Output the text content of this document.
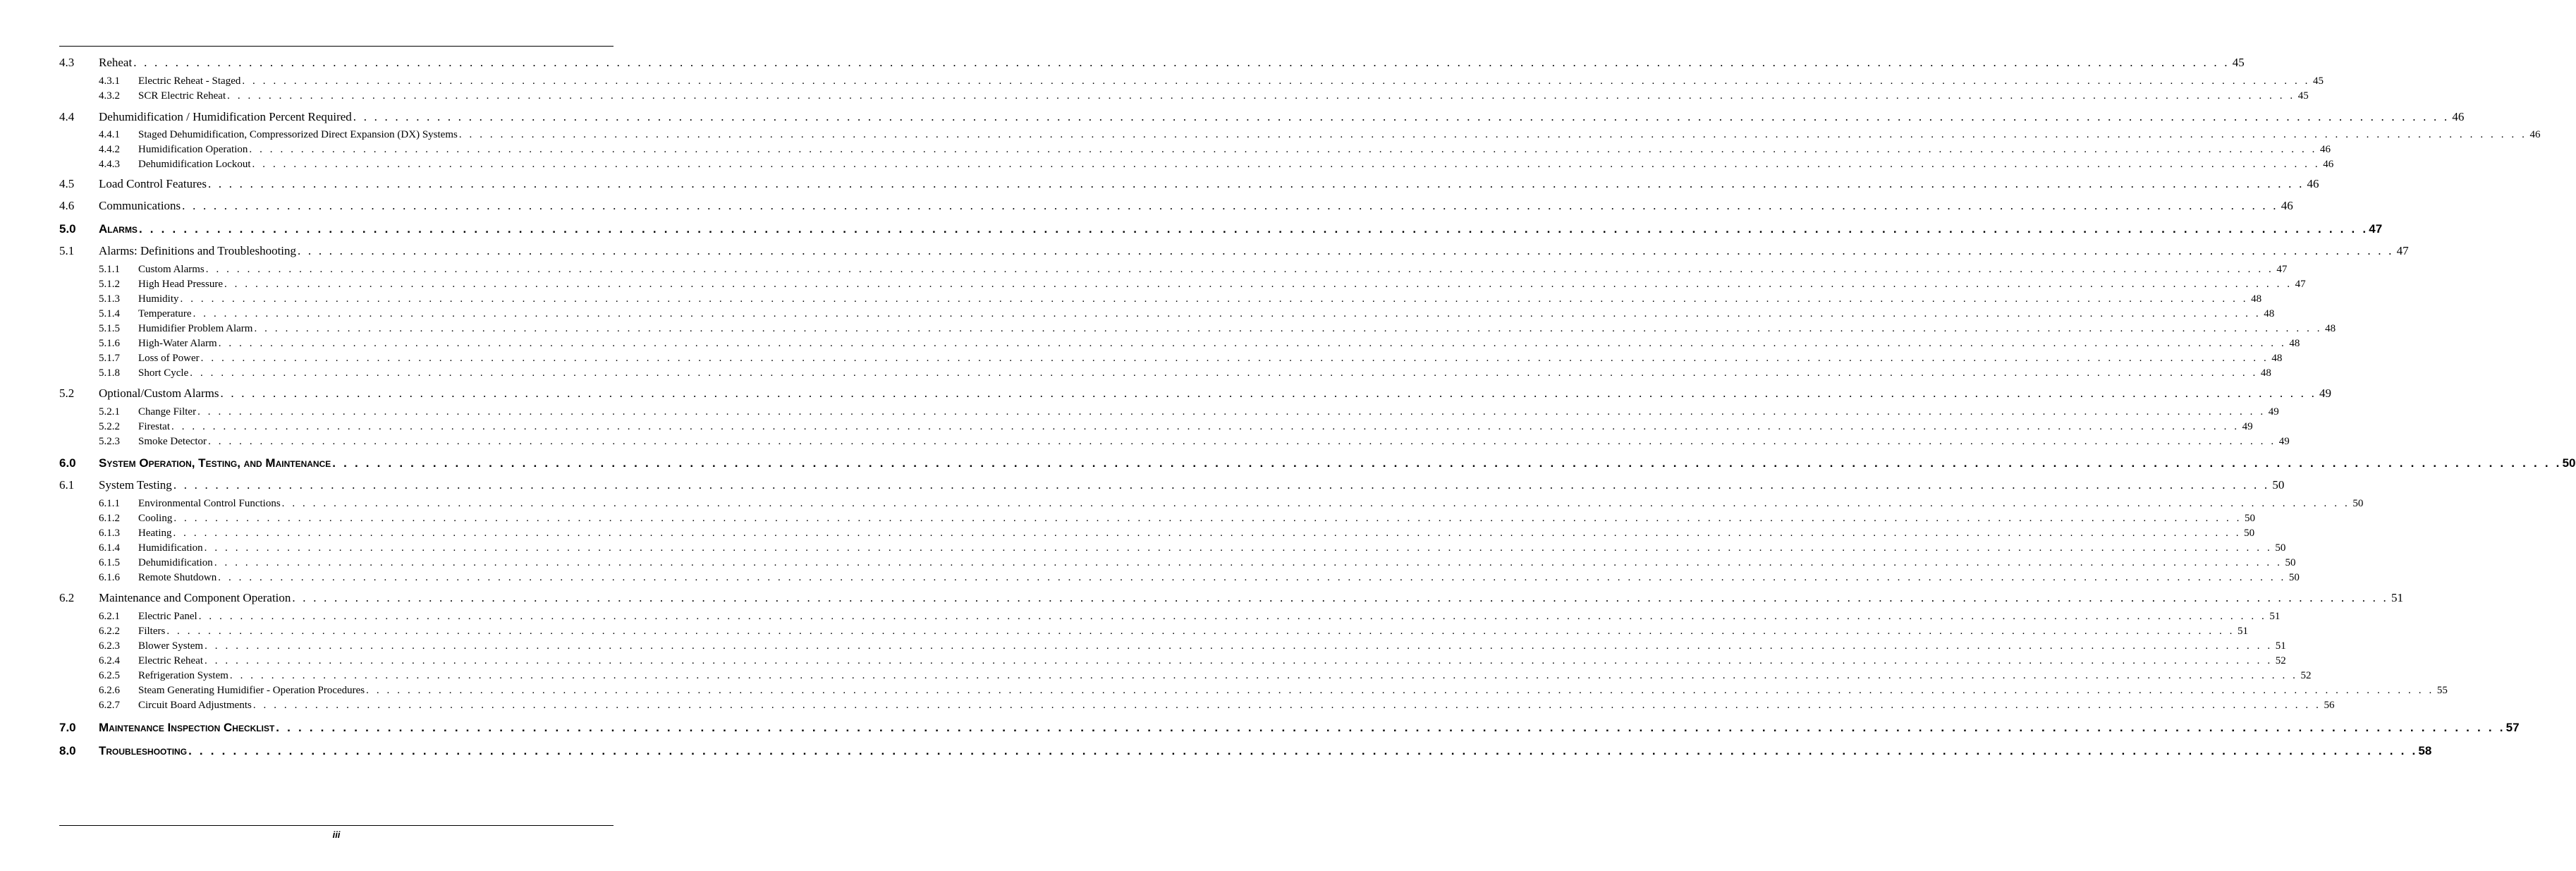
4.3	Reheat . . . . . . . . . . . . . . . . . . . . . . . . . . . . . . . . . . . . . . . . . . . . . . . . . . . . . . . . . . . . . . . . . . . . . . . . . . . . . . . . . . . . . . . . . . . . . . . . . . . . . . . . . . . . . . . . . . . . . . . . . . . . . . . . . . . . . . . . . . . . . . . . . . . . . . . . . . . . . . . . . . . . . . . . . . . . . . . . . . . . . . . . . . . . . . . . . . . . . . . . 45
4.3.1	Electric Reheat - Staged . . . . . . . . . . . . . . . . . . . . . . . . . . . . . . . . . . . . . . . . . . . . . . . . . . . . . . . . . . . . . . . . . . . . . . . . . . . . . . . . . . . . . . . . . . . . . . . . . . . . . . . . . . . . . . . . . . . . . . . . . . . . . . . . . . . . . . . . . . . . . . . . . . . . . . . . . . . . . . . . . . . . . . . . . . . . . . . . . . . . . . . . . . . . . . . . . . . . . . . . 45
4.3.2	SCR Electric Reheat . . . . . . . . . . . . . . . . . . . . . . . . . . . . . . . . . . . . . . . . . . . . . . . . . . . . . . . . . . . . . . . . . . . . . . . . . . . . . . . . . . . . . . . . . . . . . . . . . . . . . . . . . . . . . . . . . . . . . . . . . . . . . . . . . . . . . . . . . . . . . . . . . . . . . . . . . . . . . . . . . . . . . . . . . . . . . . . . . . . . . . . . . . . . . . . . . . . . . . . . 45
4.4	Dehumidification / Humidification Percent Required . . . . . . . . . . . . . . . . . . . . . . . . . . . . . . . . . . . . . . . . . . . . . . . . . . . . . . . . . . . . . . . . . . . . . . . . . . . . . . . . . . . . . . . . . . . . . . . . . . . . . . . . . . . . . . . . . . . . . . . . . . . . . . . . . . . . . . . . . . . . . . . . . . . . . . . . . . . . . . . . . . . . . . . . . . . . . . . . . . . . . . . . . . . . . . . . . . . . . . . . 46
4.4.1	Staged Dehumidification, Compressorized Direct Expansion (DX) Systems . . . . . . . . . . . . . . . . . . . . . . . . . . . . . . . . . . . . . . . . . . . . . . . . . . . . . . . . . . . . . . . . . . . . . . . . . . . . . . . . . . . . . . . . . . . . . . . . . . . . . . . . . . . . . . . . . . . . . . . . . . . . . . . . . . . . . . . . . . . . . . . . . . . . . . . . . . . . . . . . . . . . . . . . . . . . . . . . . . . . . . . . . . . . . . . . . . . . . . . . 46
4.4.2	Humidification Operation . . . . . . . . . . . . . . . . . . . . . . . . . . . . . . . . . . . . . . . . . . . . . . . . . . . . . . . . . . . . . . . . . . . . . . . . . . . . . . . . . . . . . . . . . . . . . . . . . . . . . . . . . . . . . . . . . . . . . . . . . . . . . . . . . . . . . . . . . . . . . . . . . . . . . . . . . . . . . . . . . . . . . . . . . . . . . . . . . . . . . . . . . . . . . . . . . . . . . . . . 46
4.4.3	Dehumidification Lockout . . . . . . . . . . . . . . . . . . . . . . . . . . . . . . . . . . . . . . . . . . . . . . . . . . . . . . . . . . . . . . . . . . . . . . . . . . . . . . . . . . . . . . . . . . . . . . . . . . . . . . . . . . . . . . . . . . . . . . . . . . . . . . . . . . . . . . . . . . . . . . . . . . . . . . . . . . . . . . . . . . . . . . . . . . . . . . . . . . . . . . . . . . . . . . . . . . . . . . . . 46
4.5	Load Control Features . . . . . . . . . . . . . . . . . . . . . . . . . . . . . . . . . . . . . . . . . . . . . . . . . . . . . . . . . . . . . . . . . . . . . . . . . . . . . . . . . . . . . . . . . . . . . . . . . . . . . . . . . . . . . . . . . . . . . . . . . . . . . . . . . . . . . . . . . . . . . . . . . . . . . . . . . . . . . . . . . . . . . . . . . . . . . . . . . . . . . . . . . . . . . . . . . . . . . . . . 46
4.6	Communications . . . . . . . . . . . . . . . . . . . . . . . . . . . . . . . . . . . . . . . . . . . . . . . . . . . . . . . . . . . . . . . . . . . . . . . . . . . . . . . . . . . . . . . . . . . . . . . . . . . . . . . . . . . . . . . . . . . . . . . . . . . . . . . . . . . . . . . . . . . . . . . . . . . . . . . . . . . . . . . . . . . . . . . . . . . . . . . . . . . . . . . . . . . . . . . . . . . . . . . . 46
5.0	Alarms . . . . . . . . . . . . . . . . . . . . . . . . . . . . . . . . . . . . . . . . . . . . . . . . . . . . . . . . . . . . . . . . . . . . . . . . . . . . . . . . . . . . . . . . . . . . . . . . . . . . . . . . . . . . . . . . . . . . . . . . . . . . . . . . . . . . . . . . . . . . . . . . . . . . . . . . . . . . . . . . . . . . . . . . . . . . . . . . . . . . . . . . . . . . . . . . . . . . . . . . 47
5.1	Alarms: Definitions and Troubleshooting . . . . . . . . . . . . . . . . . . . . . . . . . . . . . . . . . . . . . . . . . . . . . . . . . . . . . . . . . . . . . . . . . . . . . . . . . . . . . . . . . . . . . . . . . . . . . . . . . . . . . . . . . . . . . . . . . . . . . . . . . . . . . . . . . . . . . . . . . . . . . . . . . . . . . . . . . . . . . . . . . . . . . . . . . . . . . . . . . . . . . . . . . . . . . . . . . . . . . . . . 47
5.1.1	Custom Alarms . . . . . . . . . . . . . . . . . . . . . . . . . . . . . . . . . . . . . . . . . . . . . . . . . . . . . . . . . . . . . . . . . . . . . . . . . . . . . . . . . . . . . . . . . . . . . . . . . . . . . . . . . . . . . . . . . . . . . . . . . . . . . . . . . . . . . . . . . . . . . . . . . . . . . . . . . . . . . . . . . . . . . . . . . . . . . . . . . . . . . . . . . . . . . . . . . . . . . . . . 47
5.1.2	High Head Pressure . . . . . . . . . . . . . . . . . . . . . . . . . . . . . . . . . . . . . . . . . . . . . . . . . . . . . . . . . . . . . . . . . . . . . . . . . . . . . . . . . . . . . . . . . . . . . . . . . . . . . . . . . . . . . . . . . . . . . . . . . . . . . . . . . . . . . . . . . . . . . . . . . . . . . . . . . . . . . . . . . . . . . . . . . . . . . . . . . . . . . . . . . . . . . . . . . . . . . . . . 47
5.1.3	Humidity . . . . . . . . . . . . . . . . . . . . . . . . . . . . . . . . . . . . . . . . . . . . . . . . . . . . . . . . . . . . . . . . . . . . . . . . . . . . . . . . . . . . . . . . . . . . . . . . . . . . . . . . . . . . . . . . . . . . . . . . . . . . . . . . . . . . . . . . . . . . . . . . . . . . . . . . . . . . . . . . . . . . . . . . . . . . . . . . . . . . . . . . . . . . . . . . . . . . . . . . 48
5.1.4	Temperature . . . . . . . . . . . . . . . . . . . . . . . . . . . . . . . . . . . . . . . . . . . . . . . . . . . . . . . . . . . . . . . . . . . . . . . . . . . . . . . . . . . . . . . . . . . . . . . . . . . . . . . . . . . . . . . . . . . . . . . . . . . . . . . . . . . . . . . . . . . . . . . . . . . . . . . . . . . . . . . . . . . . . . . . . . . . . . . . . . . . . . . . . . . . . . . . . . . . . . . . 48
5.1.5	Humidifier Problem Alarm . . . . . . . . . . . . . . . . . . . . . . . . . . . . . . . . . . . . . . . . . . . . . . . . . . . . . . . . . . . . . . . . . . . . . . . . . . . . . . . . . . . . . . . . . . . . . . . . . . . . . . . . . . . . . . . . . . . . . . . . . . . . . . . . . . . . . . . . . . . . . . . . . . . . . . . . . . . . . . . . . . . . . . . . . . . . . . . . . . . . . . . . . . . . . . . . . . . . . . . . 48
5.1.6	High-Water Alarm . . . . . . . . . . . . . . . . . . . . . . . . . . . . . . . . . . . . . . . . . . . . . . . . . . . . . . . . . . . . . . . . . . . . . . . . . . . . . . . . . . . . . . . . . . . . . . . . . . . . . . . . . . . . . . . . . . . . . . . . . . . . . . . . . . . . . . . . . . . . . . . . . . . . . . . . . . . . . . . . . . . . . . . . . . . . . . . . . . . . . . . . . . . . . . . . . . . . . . . . 48
5.1.7	Loss of Power . . . . . . . . . . . . . . . . . . . . . . . . . . . . . . . . . . . . . . . . . . . . . . . . . . . . . . . . . . . . . . . . . . . . . . . . . . . . . . . . . . . . . . . . . . . . . . . . . . . . . . . . . . . . . . . . . . . . . . . . . . . . . . . . . . . . . . . . . . . . . . . . . . . . . . . . . . . . . . . . . . . . . . . . . . . . . . . . . . . . . . . . . . . . . . . . . . . . . . . . 48
5.1.8	Short Cycle . . . . . . . . . . . . . . . . . . . . . . . . . . . . . . . . . . . . . . . . . . . . . . . . . . . . . . . . . . . . . . . . . . . . . . . . . . . . . . . . . . . . . . . . . . . . . . . . . . . . . . . . . . . . . . . . . . . . . . . . . . . . . . . . . . . . . . . . . . . . . . . . . . . . . . . . . . . . . . . . . . . . . . . . . . . . . . . . . . . . . . . . . . . . . . . . . . . . . . . . 48
5.2	Optional/Custom Alarms . . . . . . . . . . . . . . . . . . . . . . . . . . . . . . . . . . . . . . . . . . . . . . . . . . . . . . . . . . . . . . . . . . . . . . . . . . . . . . . . . . . . . . . . . . . . . . . . . . . . . . . . . . . . . . . . . . . . . . . . . . . . . . . . . . . . . . . . . . . . . . . . . . . . . . . . . . . . . . . . . . . . . . . . . . . . . . . . . . . . . . . . . . . . . . . . . . . . . . . . 49
5.2.1	Change Filter . . . . . . . . . . . . . . . . . . . . . . . . . . . . . . . . . . . . . . . . . . . . . . . . . . . . . . . . . . . . . . . . . . . . . . . . . . . . . . . . . . . . . . . . . . . . . . . . . . . . . . . . . . . . . . . . . . . . . . . . . . . . . . . . . . . . . . . . . . . . . . . . . . . . . . . . . . . . . . . . . . . . . . . . . . . . . . . . . . . . . . . . . . . . . . . . . . . . . . . . 49
5.2.2	Firestat . . . . . . . . . . . . . . . . . . . . . . . . . . . . . . . . . . . . . . . . . . . . . . . . . . . . . . . . . . . . . . . . . . . . . . . . . . . . . . . . . . . . . . . . . . . . . . . . . . . . . . . . . . . . . . . . . . . . . . . . . . . . . . . . . . . . . . . . . . . . . . . . . . . . . . . . . . . . . . . . . . . . . . . . . . . . . . . . . . . . . . . . . . . . . . . . . . . . . . . . 49
5.2.3	Smoke Detector . . . . . . . . . . . . . . . . . . . . . . . . . . . . . . . . . . . . . . . . . . . . . . . . . . . . . . . . . . . . . . . . . . . . . . . . . . . . . . . . . . . . . . . . . . . . . . . . . . . . . . . . . . . . . . . . . . . . . . . . . . . . . . . . . . . . . . . . . . . . . . . . . . . . . . . . . . . . . . . . . . . . . . . . . . . . . . . . . . . . . . . . . . . . . . . . . . . . . . . . 49
6.0	System Operation, Testing, and Maintenance . . . . . . . . . . . . . . . . . . . . . . . . . . . . . . . . . . . . . . . . . . . . . . . . . . . . . . . . . . . . . . . . . . . . . . . . . . . . . . . . . . . . . . . . . . . . . . . . . . . . . . . . . . . . . . . . . . . . . . . . . . . . . . . . . . . . . . . . . . . . . . . . . . . . . . . . . . . . . . . . . . . . . . . . . . . . . . . . . . . . . . . . . . . . . . . . . . . . . . . . 50
6.1	System Testing . . . . . . . . . . . . . . . . . . . . . . . . . . . . . . . . . . . . . . . . . . . . . . . . . . . . . . . . . . . . . . . . . . . . . . . . . . . . . . . . . . . . . . . . . . . . . . . . . . . . . . . . . . . . . . . . . . . . . . . . . . . . . . . . . . . . . . . . . . . . . . . . . . . . . . . . . . . . . . . . . . . . . . . . . . . . . . . . . . . . . . . . . . . . . . . . . . . . . . . . 50
6.1.1	Environmental Control Functions . . . . . . . . . . . . . . . . . . . . . . . . . . . . . . . . . . . . . . . . . . . . . . . . . . . . . . . . . . . . . . . . . . . . . . . . . . . . . . . . . . . . . . . . . . . . . . . . . . . . . . . . . . . . . . . . . . . . . . . . . . . . . . . . . . . . . . . . . . . . . . . . . . . . . . . . . . . . . . . . . . . . . . . . . . . . . . . . . . . . . . . . . . . . . . . . . . . . . . . . 50
6.1.2	Cooling . . . . . . . . . . . . . . . . . . . . . . . . . . . . . . . . . . . . . . . . . . . . . . . . . . . . . . . . . . . . . . . . . . . . . . . . . . . . . . . . . . . . . . . . . . . . . . . . . . . . . . . . . . . . . . . . . . . . . . . . . . . . . . . . . . . . . . . . . . . . . . . . . . . . . . . . . . . . . . . . . . . . . . . . . . . . . . . . . . . . . . . . . . . . . . . . . . . . . . . . 50
6.1.3	Heating . . . . . . . . . . . . . . . . . . . . . . . . . . . . . . . . . . . . . . . . . . . . . . . . . . . . . . . . . . . . . . . . . . . . . . . . . . . . . . . . . . . . . . . . . . . . . . . . . . . . . . . . . . . . . . . . . . . . . . . . . . . . . . . . . . . . . . . . . . . . . . . . . . . . . . . . . . . . . . . . . . . . . . . . . . . . . . . . . . . . . . . . . . . . . . . . . . . . . . . . 50
6.1.4	Humidification . . . . . . . . . . . . . . . . . . . . . . . . . . . . . . . . . . . . . . . . . . . . . . . . . . . . . . . . . . . . . . . . . . . . . . . . . . . . . . . . . . . . . . . . . . . . . . . . . . . . . . . . . . . . . . . . . . . . . . . . . . . . . . . . . . . . . . . . . . . . . . . . . . . . . . . . . . . . . . . . . . . . . . . . . . . . . . . . . . . . . . . . . . . . . . . . . . . . . . . . 50
6.1.5	Dehumidification . . . . . . . . . . . . . . . . . . . . . . . . . . . . . . . . . . . . . . . . . . . . . . . . . . . . . . . . . . . . . . . . . . . . . . . . . . . . . . . . . . . . . . . . . . . . . . . . . . . . . . . . . . . . . . . . . . . . . . . . . . . . . . . . . . . . . . . . . . . . . . . . . . . . . . . . . . . . . . . . . . . . . . . . . . . . . . . . . . . . . . . . . . . . . . . . . . . . . . . . 50
6.1.6	Remote Shutdown . . . . . . . . . . . . . . . . . . . . . . . . . . . . . . . . . . . . . . . . . . . . . . . . . . . . . . . . . . . . . . . . . . . . . . . . . . . . . . . . . . . . . . . . . . . . . . . . . . . . . . . . . . . . . . . . . . . . . . . . . . . . . . . . . . . . . . . . . . . . . . . . . . . . . . . . . . . . . . . . . . . . . . . . . . . . . . . . . . . . . . . . . . . . . . . . . . . . . . . . 50
6.2	Maintenance and Component Operation . . . . . . . . . . . . . . . . . . . . . . . . . . . . . . . . . . . . . . . . . . . . . . . . . . . . . . . . . . . . . . . . . . . . . . . . . . . . . . . . . . . . . . . . . . . . . . . . . . . . . . . . . . . . . . . . . . . . . . . . . . . . . . . . . . . . . . . . . . . . . . . . . . . . . . . . . . . . . . . . . . . . . . . . . . . . . . . . . . . . . . . . . . . . . . . . . . . . . . . . 51
6.2.1	Electric Panel . . . . . . . . . . . . . . . . . . . . . . . . . . . . . . . . . . . . . . . . . . . . . . . . . . . . . . . . . . . . . . . . . . . . . . . . . . . . . . . . . . . . . . . . . . . . . . . . . . . . . . . . . . . . . . . . . . . . . . . . . . . . . . . . . . . . . . . . . . . . . . . . . . . . . . . . . . . . . . . . . . . . . . . . . . . . . . . . . . . . . . . . . . . . . . . . . . . . . . . . 51
6.2.2	Filters . . . . . . . . . . . . . . . . . . . . . . . . . . . . . . . . . . . . . . . . . . . . . . . . . . . . . . . . . . . . . . . . . . . . . . . . . . . . . . . . . . . . . . . . . . . . . . . . . . . . . . . . . . . . . . . . . . . . . . . . . . . . . . . . . . . . . . . . . . . . . . . . . . . . . . . . . . . . . . . . . . . . . . . . . . . . . . . . . . . . . . . . . . . . . . . . . . . . . . . . 51
6.2.3	Blower System . . . . . . . . . . . . . . . . . . . . . . . . . . . . . . . . . . . . . . . . . . . . . . . . . . . . . . . . . . . . . . . . . . . . . . . . . . . . . . . . . . . . . . . . . . . . . . . . . . . . . . . . . . . . . . . . . . . . . . . . . . . . . . . . . . . . . . . . . . . . . . . . . . . . . . . . . . . . . . . . . . . . . . . . . . . . . . . . . . . . . . . . . . . . . . . . . . . . . . . . 51
6.2.4	Electric Reheat . . . . . . . . . . . . . . . . . . . . . . . . . . . . . . . . . . . . . . . . . . . . . . . . . . . . . . . . . . . . . . . . . . . . . . . . . . . . . . . . . . . . . . . . . . . . . . . . . . . . . . . . . . . . . . . . . . . . . . . . . . . . . . . . . . . . . . . . . . . . . . . . . . . . . . . . . . . . . . . . . . . . . . . . . . . . . . . . . . . . . . . . . . . . . . . . . . . . . . . . 52
6.2.5	Refrigeration System . . . . . . . . . . . . . . . . . . . . . . . . . . . . . . . . . . . . . . . . . . . . . . . . . . . . . . . . . . . . . . . . . . . . . . . . . . . . . . . . . . . . . . . . . . . . . . . . . . . . . . . . . . . . . . . . . . . . . . . . . . . . . . . . . . . . . . . . . . . . . . . . . . . . . . . . . . . . . . . . . . . . . . . . . . . . . . . . . . . . . . . . . . . . . . . . . . . . . . . . 52
6.2.6	Steam Generating Humidifier - Operation Procedures . . . . . . . . . . . . . . . . . . . . . . . . . . . . . . . . . . . . . . . . . . . . . . . . . . . . . . . . . . . . . . . . . . . . . . . . . . . . . . . . . . . . . . . . . . . . . . . . . . . . . . . . . . . . . . . . . . . . . . . . . . . . . . . . . . . . . . . . . . . . . . . . . . . . . . . . . . . . . . . . . . . . . . . . . . . . . . . . . . . . . . . . . . . . . . . . . . . . . . . . 55
6.2.7	Circuit Board Adjustments . . . . . . . . . . . . . . . . . . . . . . . . . . . . . . . . . . . . . . . . . . . . . . . . . . . . . . . . . . . . . . . . . . . . . . . . . . . . . . . . . . . . . . . . . . . . . . . . . . . . . . . . . . . . . . . . . . . . . . . . . . . . . . . . . . . . . . . . . . . . . . . . . . . . . . . . . . . . . . . . . . . . . . . . . . . . . . . . . . . . . . . . . . . . . . . . . . . . . . . . 56
7.0	Maintenance Inspection Checklist . . . . . . . . . . . . . . . . . . . . . . . . . . . . . . . . . . . . . . . . . . . . . . . . . . . . . . . . . . . . . . . . . . . . . . . . . . . . . . . . . . . . . . . . . . . . . . . . . . . . . . . . . . . . . . . . . . . . . . . . . . . . . . . . . . . . . . . . . . . . . . . . . . . . . . . . . . . . . . . . . . . . . . . . . . . . . . . . . . . . . . . . . . . . . . . . . . . . . . . . 57
8.0	Troubleshooting . . . . . . . . . . . . . . . . . . . . . . . . . . . . . . . . . . . . . . . . . . . . . . . . . . . . . . . . . . . . . . . . . . . . . . . . . . . . . . . . . . . . . . . . . . . . . . . . . . . . . . . . . . . . . . . . . . . . . . . . . . . . . . . . . . . . . . . . . . . . . . . . . . . . . . . . . . . . . . . . . . . . . . . . . . . . . . . . . . . . . . . . . . . . . . . . . . . . . . . . 58
iii
